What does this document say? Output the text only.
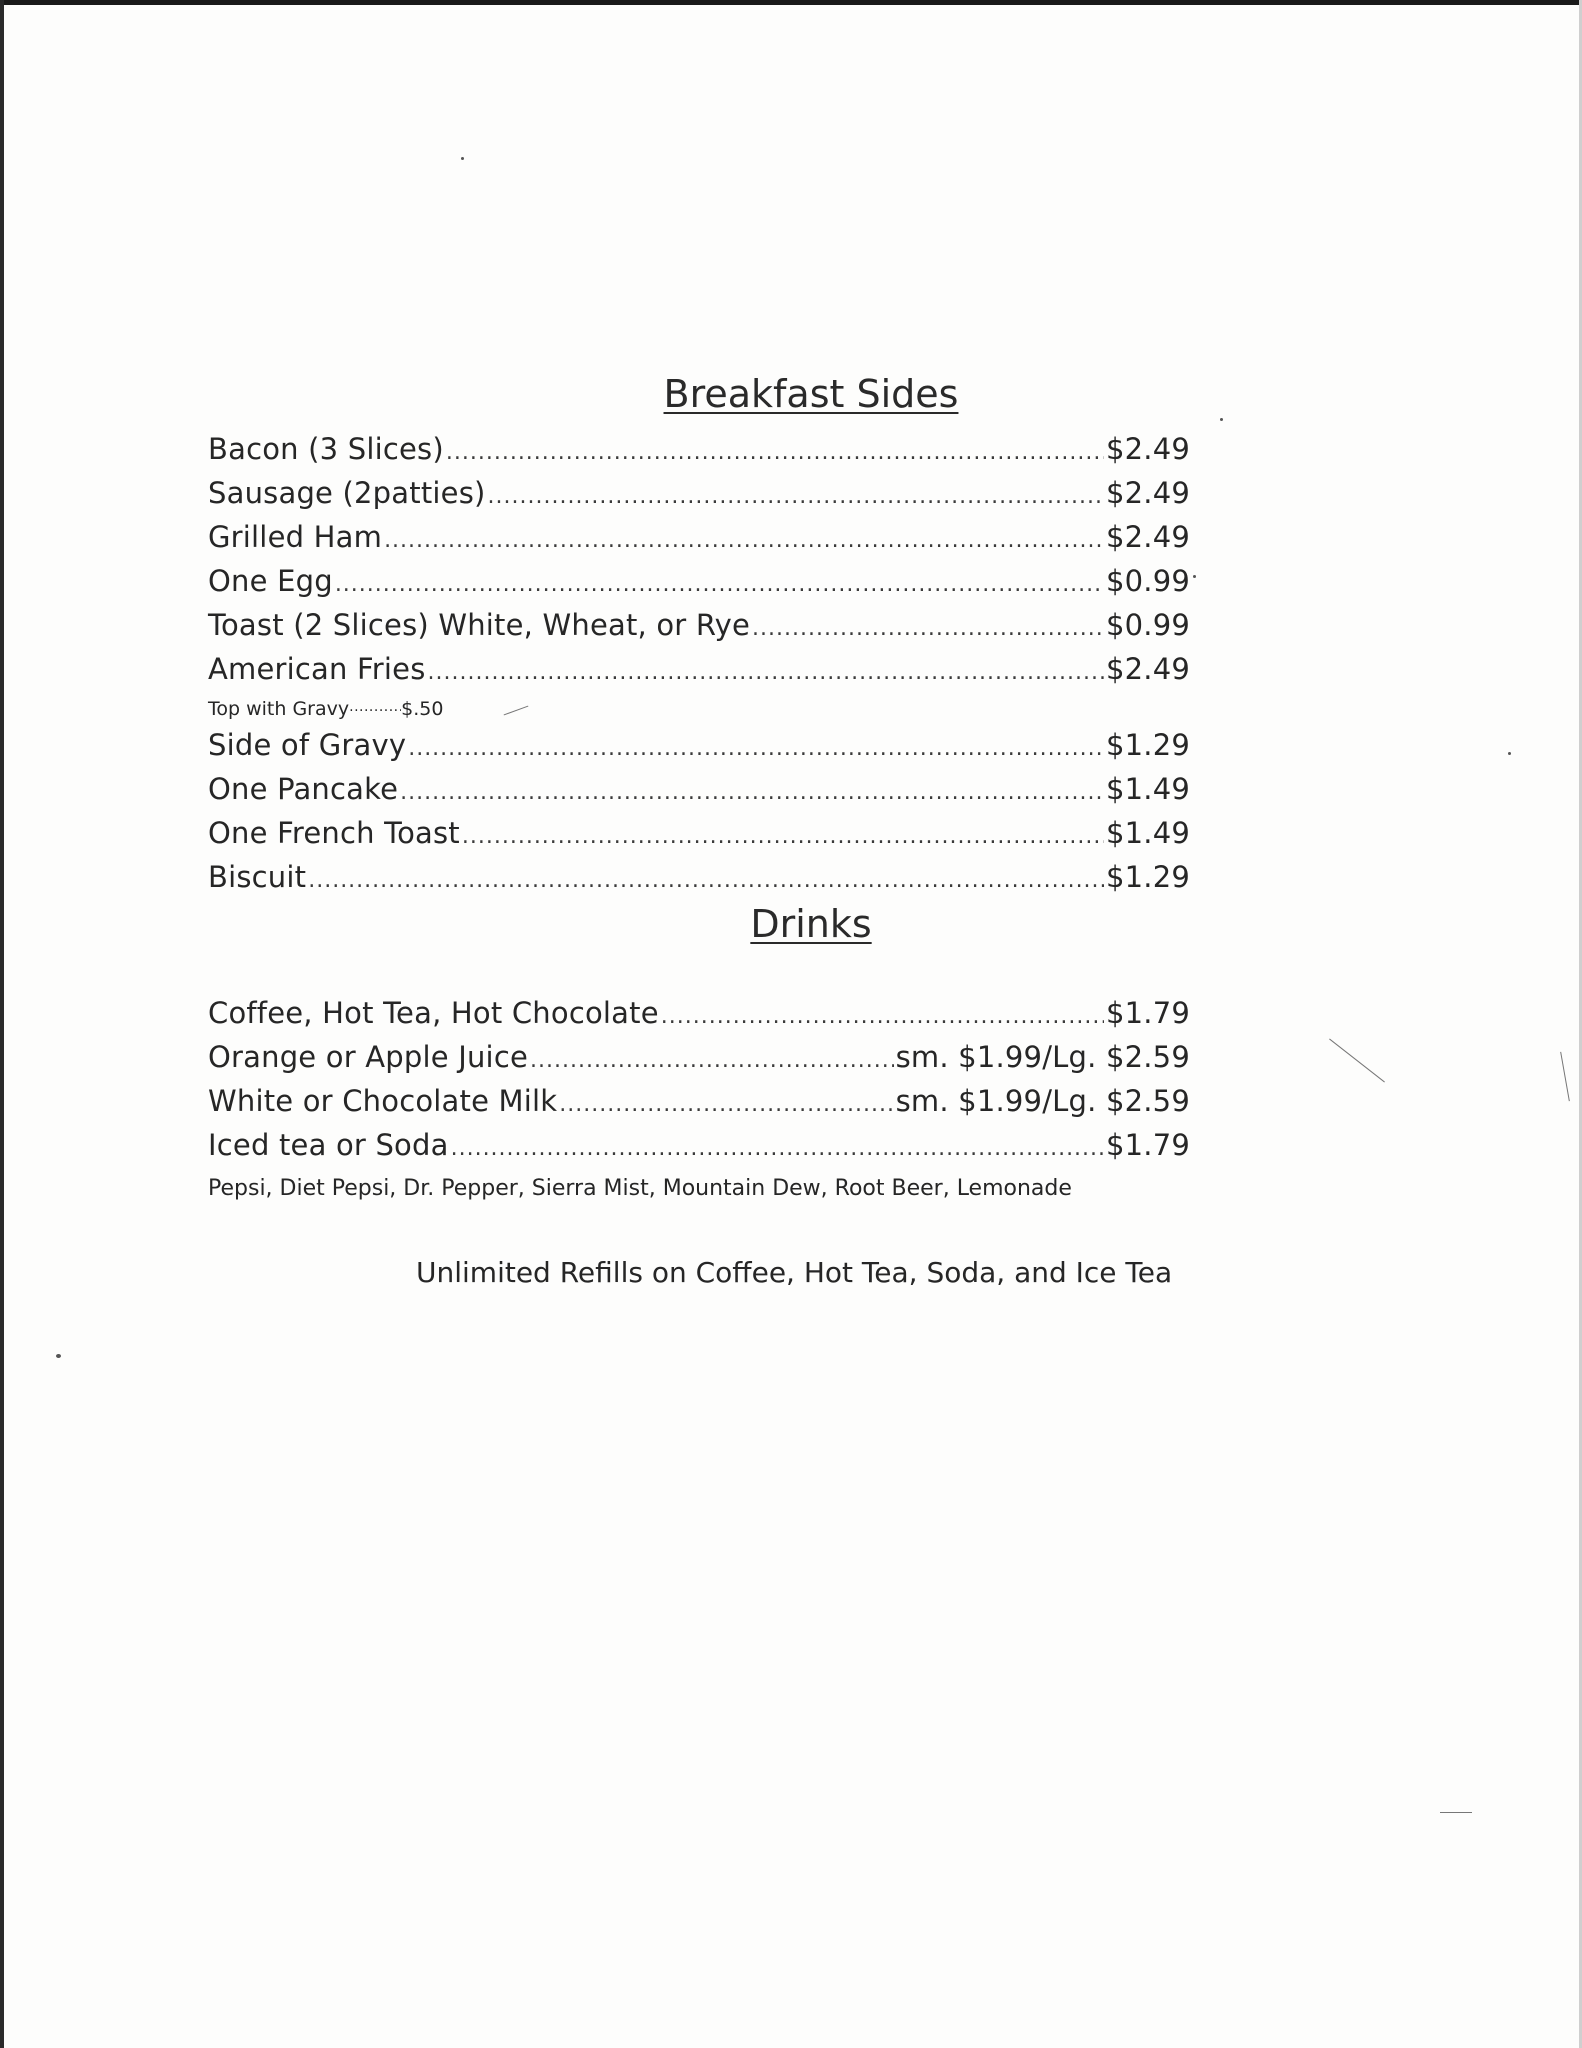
Breakfast Sides
Bacon (3 Slices) .....	$2.49
Sausage (2patties) .....	$2.49
Grilled Ham .....	$2.49
One Egg .....	$0.99
Toast (2 Slices) White, Wheat, or Rye .....	$0.99
American Fries .....	$2.49
Top with Gravy .....	$.50
Side of Gravy .....	$1.29
One Pancake .....	$1.49
One French Toast .....	$1.49
Biscuit .....	$1.29
Drinks
Coffee, Hot Tea, Hot Chocolate .....	$1.79
Orange or Apple Juice .....	sm. $1.99/Lg. $2.59
White or Chocolate Milk .....	sm. $1.99/Lg. $2.59
Iced tea or Soda .....	$1.79
Pepsi, Diet Pepsi, Dr. Pepper, Sierra Mist, Mountain Dew, Root Beer, Lemonade
Unlimited Refills on Coffee, Hot Tea, Soda, and Ice Tea
